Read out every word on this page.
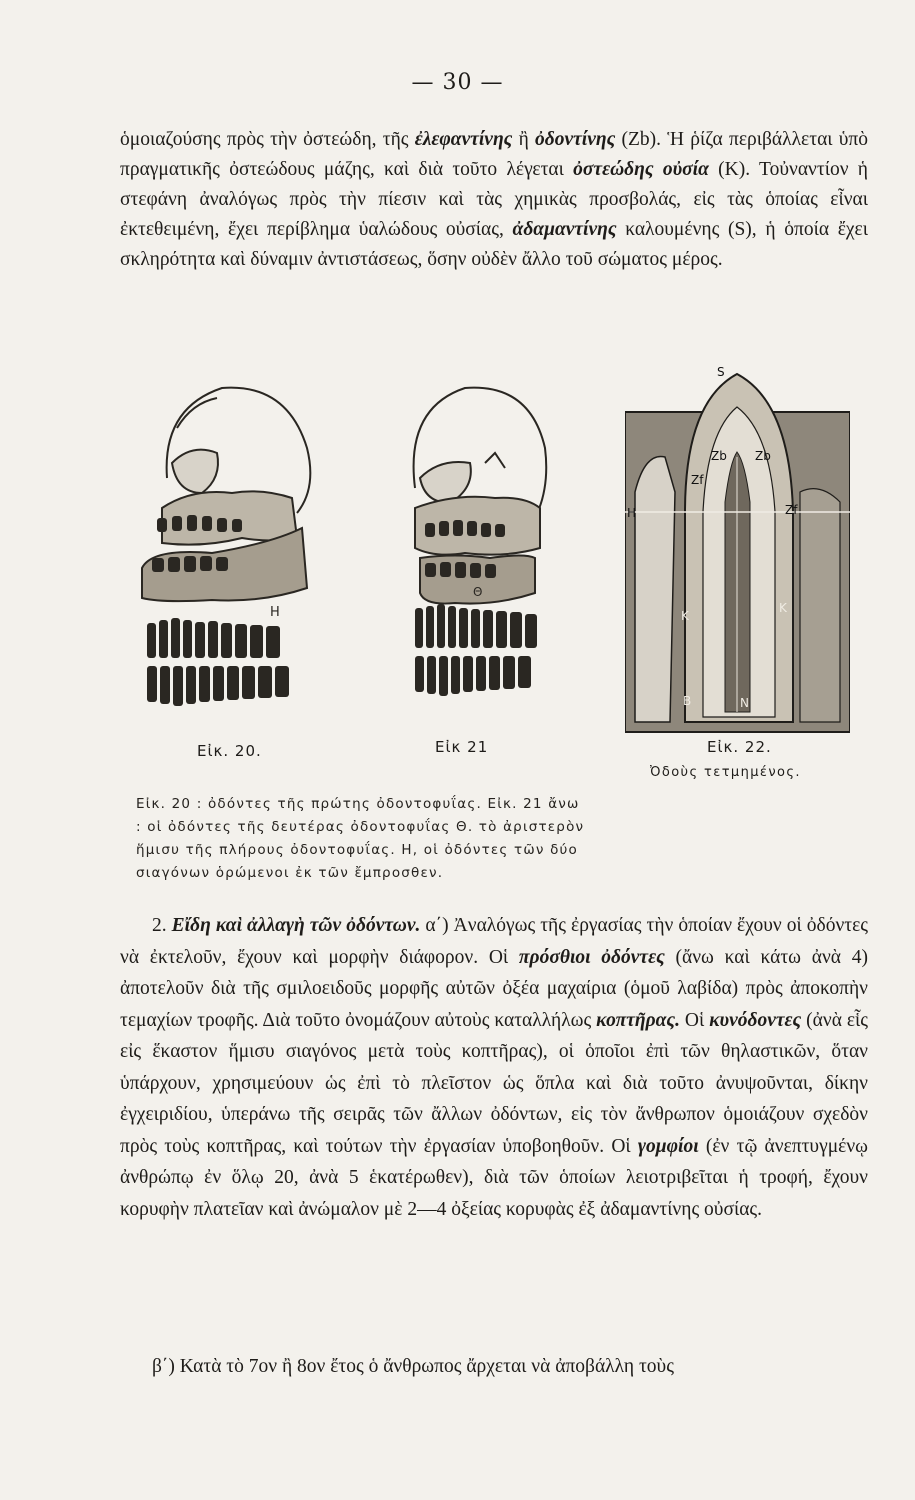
— 30 —

ὁμοιαζούσης πρὸς τὴν ὀστεώδη, τῆς ἐλεφαντίνης ἢ ὀδοντίνης (Zb). Ἡ ῥίζα περιβάλλεται ὑπὸ πραγματικῆς ὀστεώδους μάζης, καὶ διὰ τοῦτο λέγεται ὀστεώδης οὐσία (K). Τοὐναντίον ἡ στεφάνη ἀναλόγως πρὸς τὴν πίεσιν καὶ τὰς χημικὰς προσβολάς, εἰς τὰς ὁποίας εἶναι ἐκτεθειμένη, ἔχει περίβλημα ὑαλώδους οὐσίας, ἀδαμαντίνης καλουμένης (S), ἡ ὁποία ἔχει σκληρότητα καὶ δύναμιν ἀντιστάσεως, ὅσην οὐδὲν ἄλλο τοῦ σώματος μέρος.

Η
Θ
S
Zb Zb
Zf
Zf
H
K
K
B	N
Εἰκ. 20.	Εἰκ 21	Εἰκ. 22.
Εἰκ. 20 : ὀδόντες τῆς πρώτης ὀδοντοφυΐας. Εἰκ. 21 ἄνω : οἱ ὀδόντες τῆς δευτέρας ὀδοντοφυΐας Θ. τὸ ἀριστερὸν ἥμισυ τῆς πλήρους ὀδοντοφυΐας. Η, οἱ ὀδόντες τῶν δύο σιαγόνων ὁρώμενοι ἐκ τῶν ἔμπροσθεν.
Ὀδοὺς τετμημένος.

2. Εἴδη καὶ ἀλλαγὴ τῶν ὀδόντων. α΄) Ἀναλόγως τῆς ἐργασίας τὴν ὁποίαν ἔχουν οἱ ὀδόντες νὰ ἐκτελοῦν, ἔχουν καὶ μορφὴν διάφορον. Οἱ πρόσθιοι ὀδόντες (ἄνω καὶ κάτω ἀνὰ 4) ἀποτελοῦν διὰ τῆς σμιλοειδοῦς μορφῆς αὐτῶν ὀξέα μαχαίρια (ὁμοῦ λαβίδα) πρὸς ἀποκοπὴν τεμαχίων τροφῆς. Διὰ τοῦτο ὀνομάζουν αὐτοὺς καταλλήλως κοπτῆρας. Οἱ κυνόδοντες (ἀνὰ εἷς εἰς ἕκαστον ἥμισυ σιαγόνος μετὰ τοὺς κοπτῆρας), οἱ ὁποῖοι ἐπὶ τῶν θηλαστικῶν, ὅταν ὑπάρχουν, χρησιμεύουν ὡς ἐπὶ τὸ πλεῖστον ὡς ὅπλα καὶ διὰ τοῦτο ἀνυψοῦνται, δίκην ἐγχειριδίου, ὑπεράνω τῆς σειρᾶς τῶν ἄλλων ὀδόντων, εἰς τὸν ἄνθρωπον ὁμοιάζουν σχεδὸν πρὸς τοὺς κοπτῆρας, καὶ τούτων τὴν ἐργασίαν ὑποβοηθοῦν. Οἱ γομφίοι (ἐν τῷ ἀνεπτυγμένῳ ἀνθρώπῳ ἐν ὅλῳ 20, ἀνὰ 5 ἑκατέρωθεν), διὰ τῶν ὁποίων λειοτριβεῖται ἡ τροφή, ἔχουν κορυφὴν πλατεῖαν καὶ ἀνώμαλον μὲ 2—4 ὀξείας κορυφὰς ἐξ ἀδαμαντίνης οὐσίας.

β΄) Κατὰ τὸ 7ον ἢ 8ον ἔτος ὁ ἄνθρωπος ἄρχεται νὰ ἀποβάλλη τοὺς
